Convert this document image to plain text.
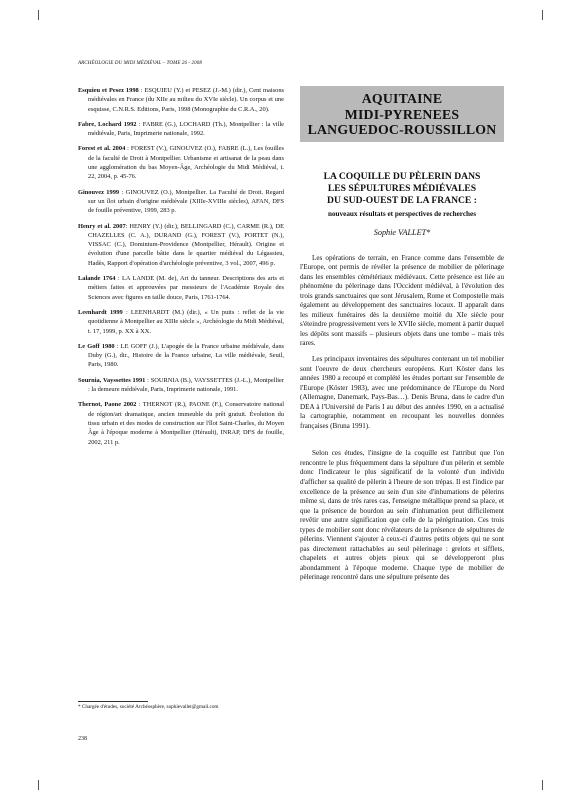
ARCHÉOLOGIE DU MIDI MÉDIÉVAL – TOME 26 - 2008
Esquieu et Pesez 1998 : ESQUIEU (Y.) et PESEZ (J.-M.) (dir.), Cent maisons médiévales en France (du XIIe au milieu du XVIe siècle). Un corpus et une esquisse, C.N.R.S. Editions, Paris, 1998 (Monographie du C.R.A., 20).
Fabre, Lochard 1992 : FABRE (G.), LOCHARD (Th.), Montpellier : la ville médiévale, Paris, Imprimerie nationale, 1992.
Forest et al. 2004 : FOREST (V.), GINOUVEZ (O.), FABRE (L.), Les fouilles de la faculté de Droit à Montpellier. Urbanisme et artisanat de la peau dans une agglomération du bas Moyen-Âge, Archéologie du Midi Médiéval, t. 22, 2004, p. 45-76.
Ginouvez 1999 : GINOUVEZ (O.), Montpellier. La Faculté de Droit. Regard sur un îlot urbain d'origine médiévale (XIIIe-XVIIIe siècles), AFAN, DFS de fouille préventive, 1999, 283 p.
Henry et al. 2007: HENRY (Y.) (dir.), BELLINGARD (C.), CARME (R.), DE CHAZELLES (C. A.), DURAND (G.), FOREST (V.), PORTET (N.), VISSAC (C.), Dominium-Providence (Montpellier, Hérault). Origine et évolution d'une parcelle bâtie dans le quartier médiéval du Légassieu, Hadès, Rapport d'opération d'archéologie préventive, 3 vol., 2007, 496 p.
Lalande 1764 : LA LANDE (M. de), Art du tanneur. Descriptions des arts et métiers faites et approuvées par messieurs de l'Académie Royale des Sciences avec figures en taille douce, Paris, 1761-1764.
Leenhardt 1999 : LEENHARDT (M.) (dir.), « Un puits : reflet de la vie quotidienne à Montpellier au XIIIe siècle », Archéologie du Midi Médiéval, t. 17, 1999, p. XX à XX.
Le Goff 1980 : LE GOFF (J.), L'apogée de la France urbaine médiévale, dans Duby (G.), dir., Histoire de la France urbaine, La ville médiévale, Seuil, Paris, 1980.
Sournia, Vayssettes 1991 : SOURNIA (B.), VAYSSETTES (J.-L.), Montpellier : la demeure médiévale, Paris, Imprimerie nationale, 1991.
Thernot, Paone 2002 : THERNOT (R.), PAONE (F.), Conservatoire national de région/art dramatique, ancien immeuble du prêt gratuit. Évolution du tissu urbain et des modes de construction sur l'îlot Saint-Charles, du Moyen Âge à l'époque moderne à Montpellier (Hérault), INRAP, DFS de fouille, 2002, 211 p.
AQUITAINE
MIDI-PYRENEES
LANGUEDOC-ROUSSILLON
LA COQUILLE DU PÈLERIN DANS
LES SÉPULTURES MÉDIÉVALES
DU SUD-OUEST DE LA FRANCE :
nouveaux résultats et perspectives de recherches
Sophie VALLET*

Les opérations de terrain, en France comme dans l'ensemble de l'Europe, ont permis de révéler la présence de mobilier de pèlerinage dans les ensembles cémétériaux médiévaux. Cette présence est liée au phénomène du pèlerinage dans l'Occident médiéval, à l'évolution des trois grands sanctuaires que sont Jérusalem, Rome et Compostelle mais également au développement des sanctuaires locaux. Il apparaît dans les milieux funéraires dès la deuxième moitié du XIe siècle pour s'éteindre progressivement vers le XVIIe siècle, moment à partir duquel les dépôts sont massifs – plusieurs objets dans une tombe – mais très rares.

Les principaux inventaires des sépultures contenant un tel mobilier sont l'oeuvre de deux chercheurs européens. Kurt Köster dans les années 1980 a recoupé et complété les études portant sur l'ensemble de l'Europe (Köster 1983), avec une prédominance de l'Europe du Nord (Allemagne, Danemark, Pays-Bas…). Denis Bruna, dans le cadre d'un DEA à l'Université de Paris I au début des années 1990, en a actualisé la cartographie, notamment en recoupant les nouvelles données françaises (Bruna 1991).

Selon ces études, l'insigne de la coquille est l'attribut que l'on rencontre le plus fréquemment dans la sépulture d'un pèlerin et semble donc l'indicateur le plus significatif de la volonté d'un individu d'afficher sa qualité de pèlerin à l'heure de son trépas. Il est l'indice par excellence de la présence au sein d'un site d'inhumations de pèlerins même si, dans de très rares cas, l'enseigne métallique prend sa place, et que la présence de bourdon au sein d'inhumation peut difficilement revêtir une autre signification que celle de la pérégrination. Ces trois types de mobilier sont donc révélateurs de la présence de sépultures de pèlerins. Viennent s'ajouter à ceux-ci d'autres petits objets qui ne sont pas directement rattachables au seul pèlerinage : grelots et sifflets, chapelets et autres objets pieux qui se développeront plus abondamment à l'époque moderne. Chaque type de mobilier de pèlerinage rencontré dans une sépulture présente des

* Chargée d'études, société Archéosphère, sophievallet@gmail.com
238
